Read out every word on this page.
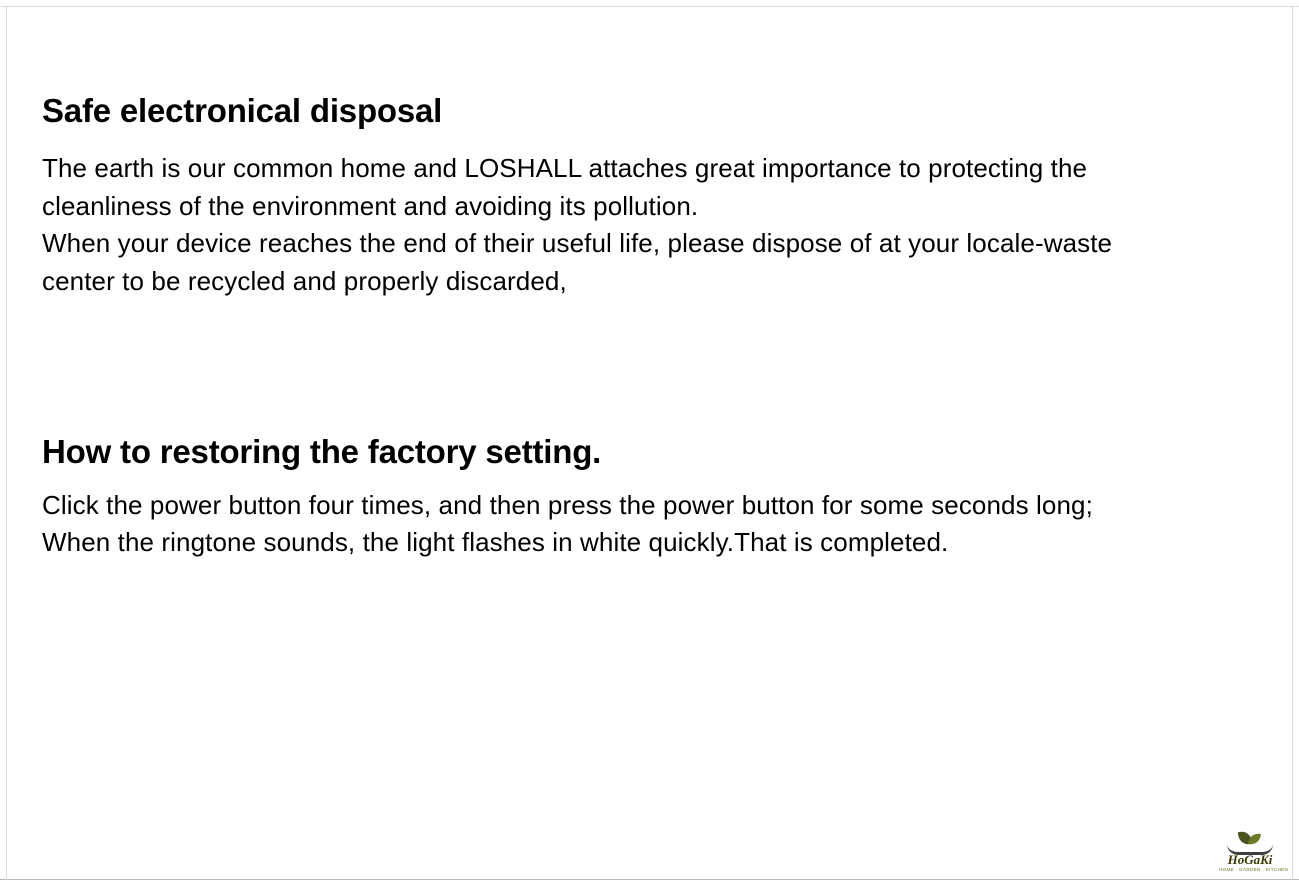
Safe electronical disposal
The earth is our common home and LOSHALL attaches great importance to protecting the
cleanliness of the environment and avoiding its pollution.
When your device reaches the end of their useful life, please dispose of at your locale-waste
center to be recycled and properly discarded,
How to restoring the factory setting.
Click the power button four times, and then press the power button for some seconds long;
When the ringtone sounds, the light flashes in white quickly.That is completed.
HoGaKi
HOME . GARDEN . KITCHEN
